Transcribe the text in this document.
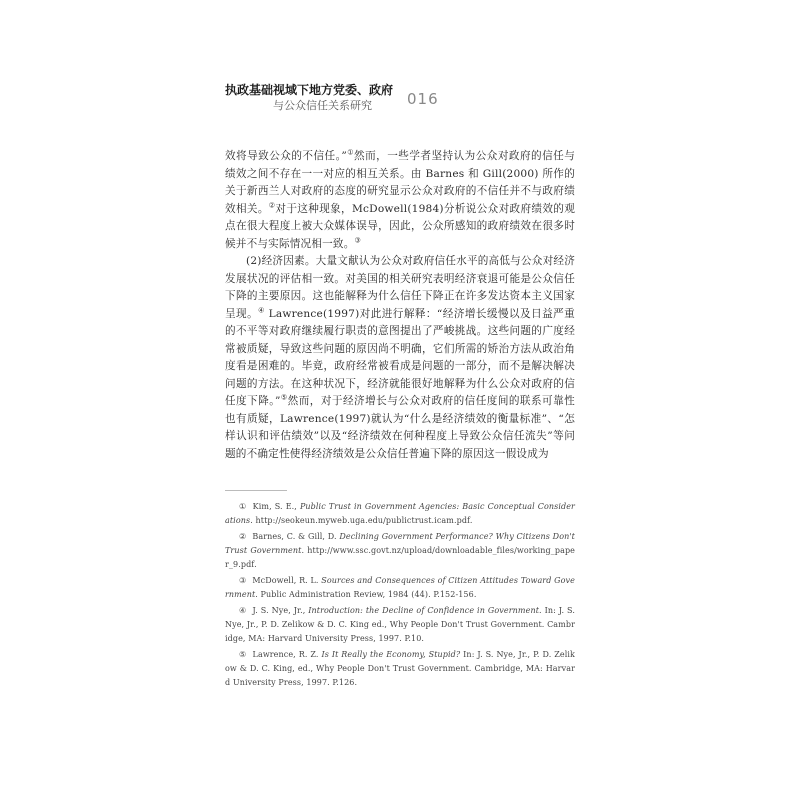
执政基础视域下地方党委、政府
与公众信任关系研究	016

效将导致公众的不信任。”①然而，一些学者坚持认为公众对政府的信任与绩效之间不存在一一对应的相互关系。由 Barnes 和 Gill(2000) 所作的关于新西兰人对政府的态度的研究显示公众对政府的不信任并不与政府绩效相关。②对于这种现象，McDowell(1984)分析说公众对政府绩效的观点在很大程度上被大众媒体误导，因此，公众所感知的政府绩效在很多时候并不与实际情况相一致。③

(2)经济因素。大量文献认为公众对政府信任水平的高低与公众对经济发展状况的评估相一致。对美国的相关研究表明经济衰退可能是公众信任下降的主要原因。这也能解释为什么信任下降正在许多发达资本主义国家呈现。④ Lawrence(1997)对此进行解释：“经济增长缓慢以及日益严重的不平等对政府继续履行职责的意图提出了严峻挑战。这些问题的广度经常被质疑，导致这些问题的原因尚不明确，它们所需的矫治方法从政治角度看是困难的。毕竟，政府经常被看成是问题的一部分，而不是解决解决问题的方法。在这种状况下，经济就能很好地解释为什么公众对政府的信任度下降。”⑤然而，对于经济增长与公众对政府的信任度间的联系可靠性也有质疑，Lawrence(1997)就认为“什么是经济绩效的衡量标准”、“怎样认识和评估绩效”以及“经济绩效在何种程度上导致公众信任流失”等问题的不确定性使得经济绩效是公众信任普遍下降的原因这一假设成为

① Kim, S. E., Public Trust in Government Agencies: Basic Conceptual Considerations. http://seokeun.myweb.uga.edu/publictrust.icam.pdf.
② Barnes, C. & Gill, D. Declining Government Performance? Why Citizens Don't Trust Government. http://www.ssc.govt.nz/upload/downloadable_files/working_paper_9.pdf.
③ McDowell, R. L. Sources and Consequences of Citizen Attitudes Toward Government. Public Administration Review, 1984 (44). P.152-156.
④ J. S. Nye, Jr., Introduction: the Decline of Confidence in Government. In: J. S. Nye, Jr., P. D. Zelikow & D. C. King ed., Why People Don't Trust Government. Cambridge, MA: Harvard University Press, 1997. P.10.
⑤ Lawrence, R. Z. Is It Really the Economy, Stupid? In: J. S. Nye, Jr., P. D. Zelikow & D. C. King, ed., Why People Don't Trust Government. Cambridge, MA: Harvard University Press, 1997. P.126.
